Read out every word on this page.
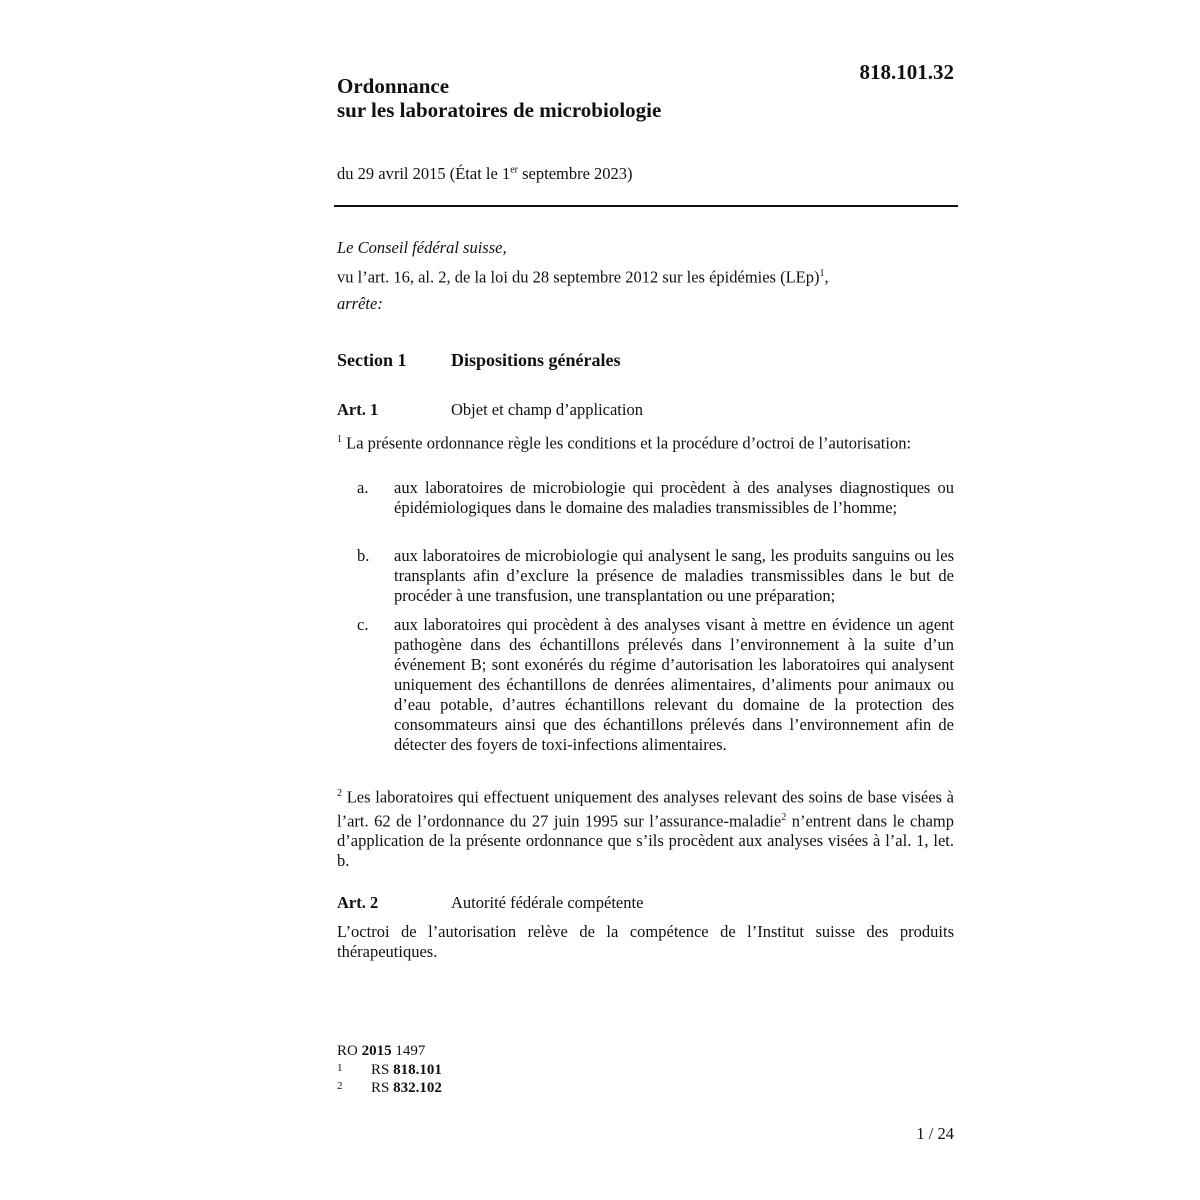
818.101.32
Ordonnance
sur les laboratoires de microbiologie
du 29 avril 2015 (État le 1er septembre 2023)
Le Conseil fédéral suisse,
vu l’art. 16, al. 2, de la loi du 28 septembre 2012 sur les épidémies (LEp)$^1$,
arrête:
Section 1 Dispositions générales
Art. 1	Objet et champ d’application
$^1$ La présente ordonnance règle les conditions et la procédure d’octroi de l’autorisation:
a.	aux laboratoires de microbiologie qui procèdent à des analyses diagnostiques ou épidémiologiques dans le domaine des maladies transmissibles de l’homme;
b.	aux laboratoires de microbiologie qui analysent le sang, les produits sanguins ou les transplants afin d’exclure la présence de maladies transmissibles dans le but de procéder à une transfusion, une transplantation ou une préparation;
c.	aux laboratoires qui procèdent à des analyses visant à mettre en évidence un agent pathogène dans des échantillons prélevés dans l’environnement à la suite d’un événement B; sont exonérés du régime d’autorisation les laboratoires qui analysent uniquement des échantillons de denrées alimentaires, d’aliments pour animaux ou d’eau potable, d’autres échantillons relevant du domaine de la protection des consommateurs ainsi que des échantillons prélevés dans l’environnement afin de détecter des foyers de toxi-infections alimentaires.
$^2$ Les laboratoires qui effectuent uniquement des analyses relevant des soins de base visées à l’art. 62 de l’ordonnance du 27 juin 1995 sur l’assurance-maladie$^2$ n’entrent dans le champ d’application de la présente ordonnance que s’ils procèdent aux analyses visées à l’al. 1, let. b.
Art. 2	Autorité fédérale compétente
L’octroi de l’autorisation relève de la compétence de l’Institut suisse des produits thérapeutiques.
RO 2015 1497
1 RS 818.101
2 RS 832.102
1 / 24
